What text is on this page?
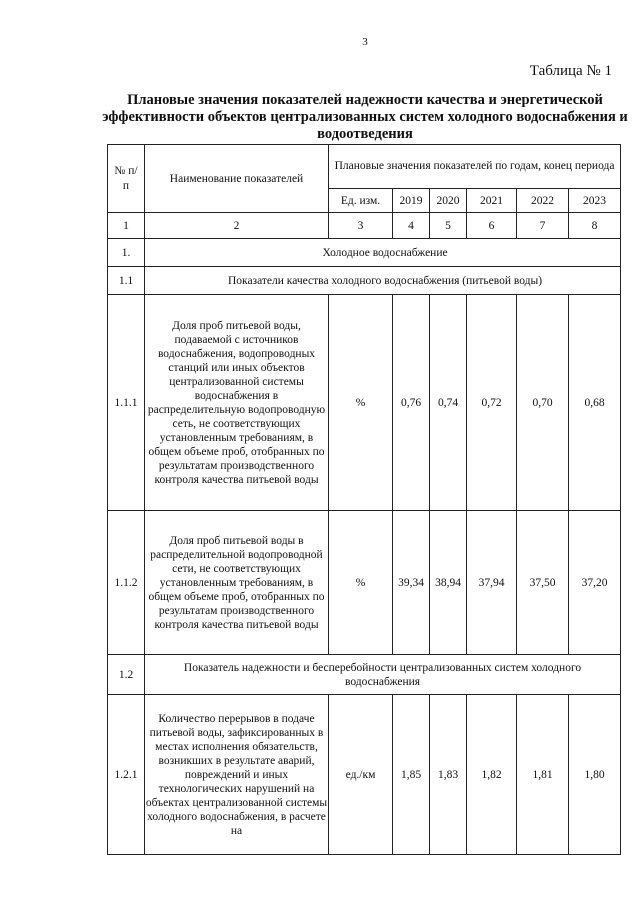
3
Таблица № 1
Плановые значения показателей надежности качества и энергетической эффективности объектов централизованных систем холодного водоснабжения и водоотведения
№ п/п	Наименование показателей	Плановые значения показателей по годам, конец периода					
		Ед. изм.	2019	2020	2021	2022	2023
1	2	3	4	5	6	7	8
1.	Холодное водоснабжение						
1.1	Показатели качества холодного водоснабжения (питьевой воды)						
1.1.1	Доля проб питьевой воды, подаваемой с источников водоснабжения, водопроводных станций или иных объектов централизованной системы водоснабжения в распределительную водопроводную сеть, не соответствующих установленным требованиям, в общем объеме проб, отобранных по результатам производственного контроля качества питьевой воды	%	0,76	0,74	0,72	0,70	0,68
1.1.2	Доля проб питьевой воды в распределительной водопроводной сети, не соответствующих установленным требованиям, в общем объеме проб, отобранных по результатам производственного контроля качества питьевой воды	%	39,34	38,94	37,94	37,50	37,20
1.2	Показатель надежности и бесперебойности централизованных систем холодного водоснабжения						
1.2.1	Количество перерывов в подаче питьевой воды, зафиксированных в местах исполнения обязательств, возникших в результате аварий, повреждений и иных технологических нарушений на объектах централизованной системы холодного водоснабжения, в расчете на	ед./км	1,85	1,83	1,82	1,81	1,80
